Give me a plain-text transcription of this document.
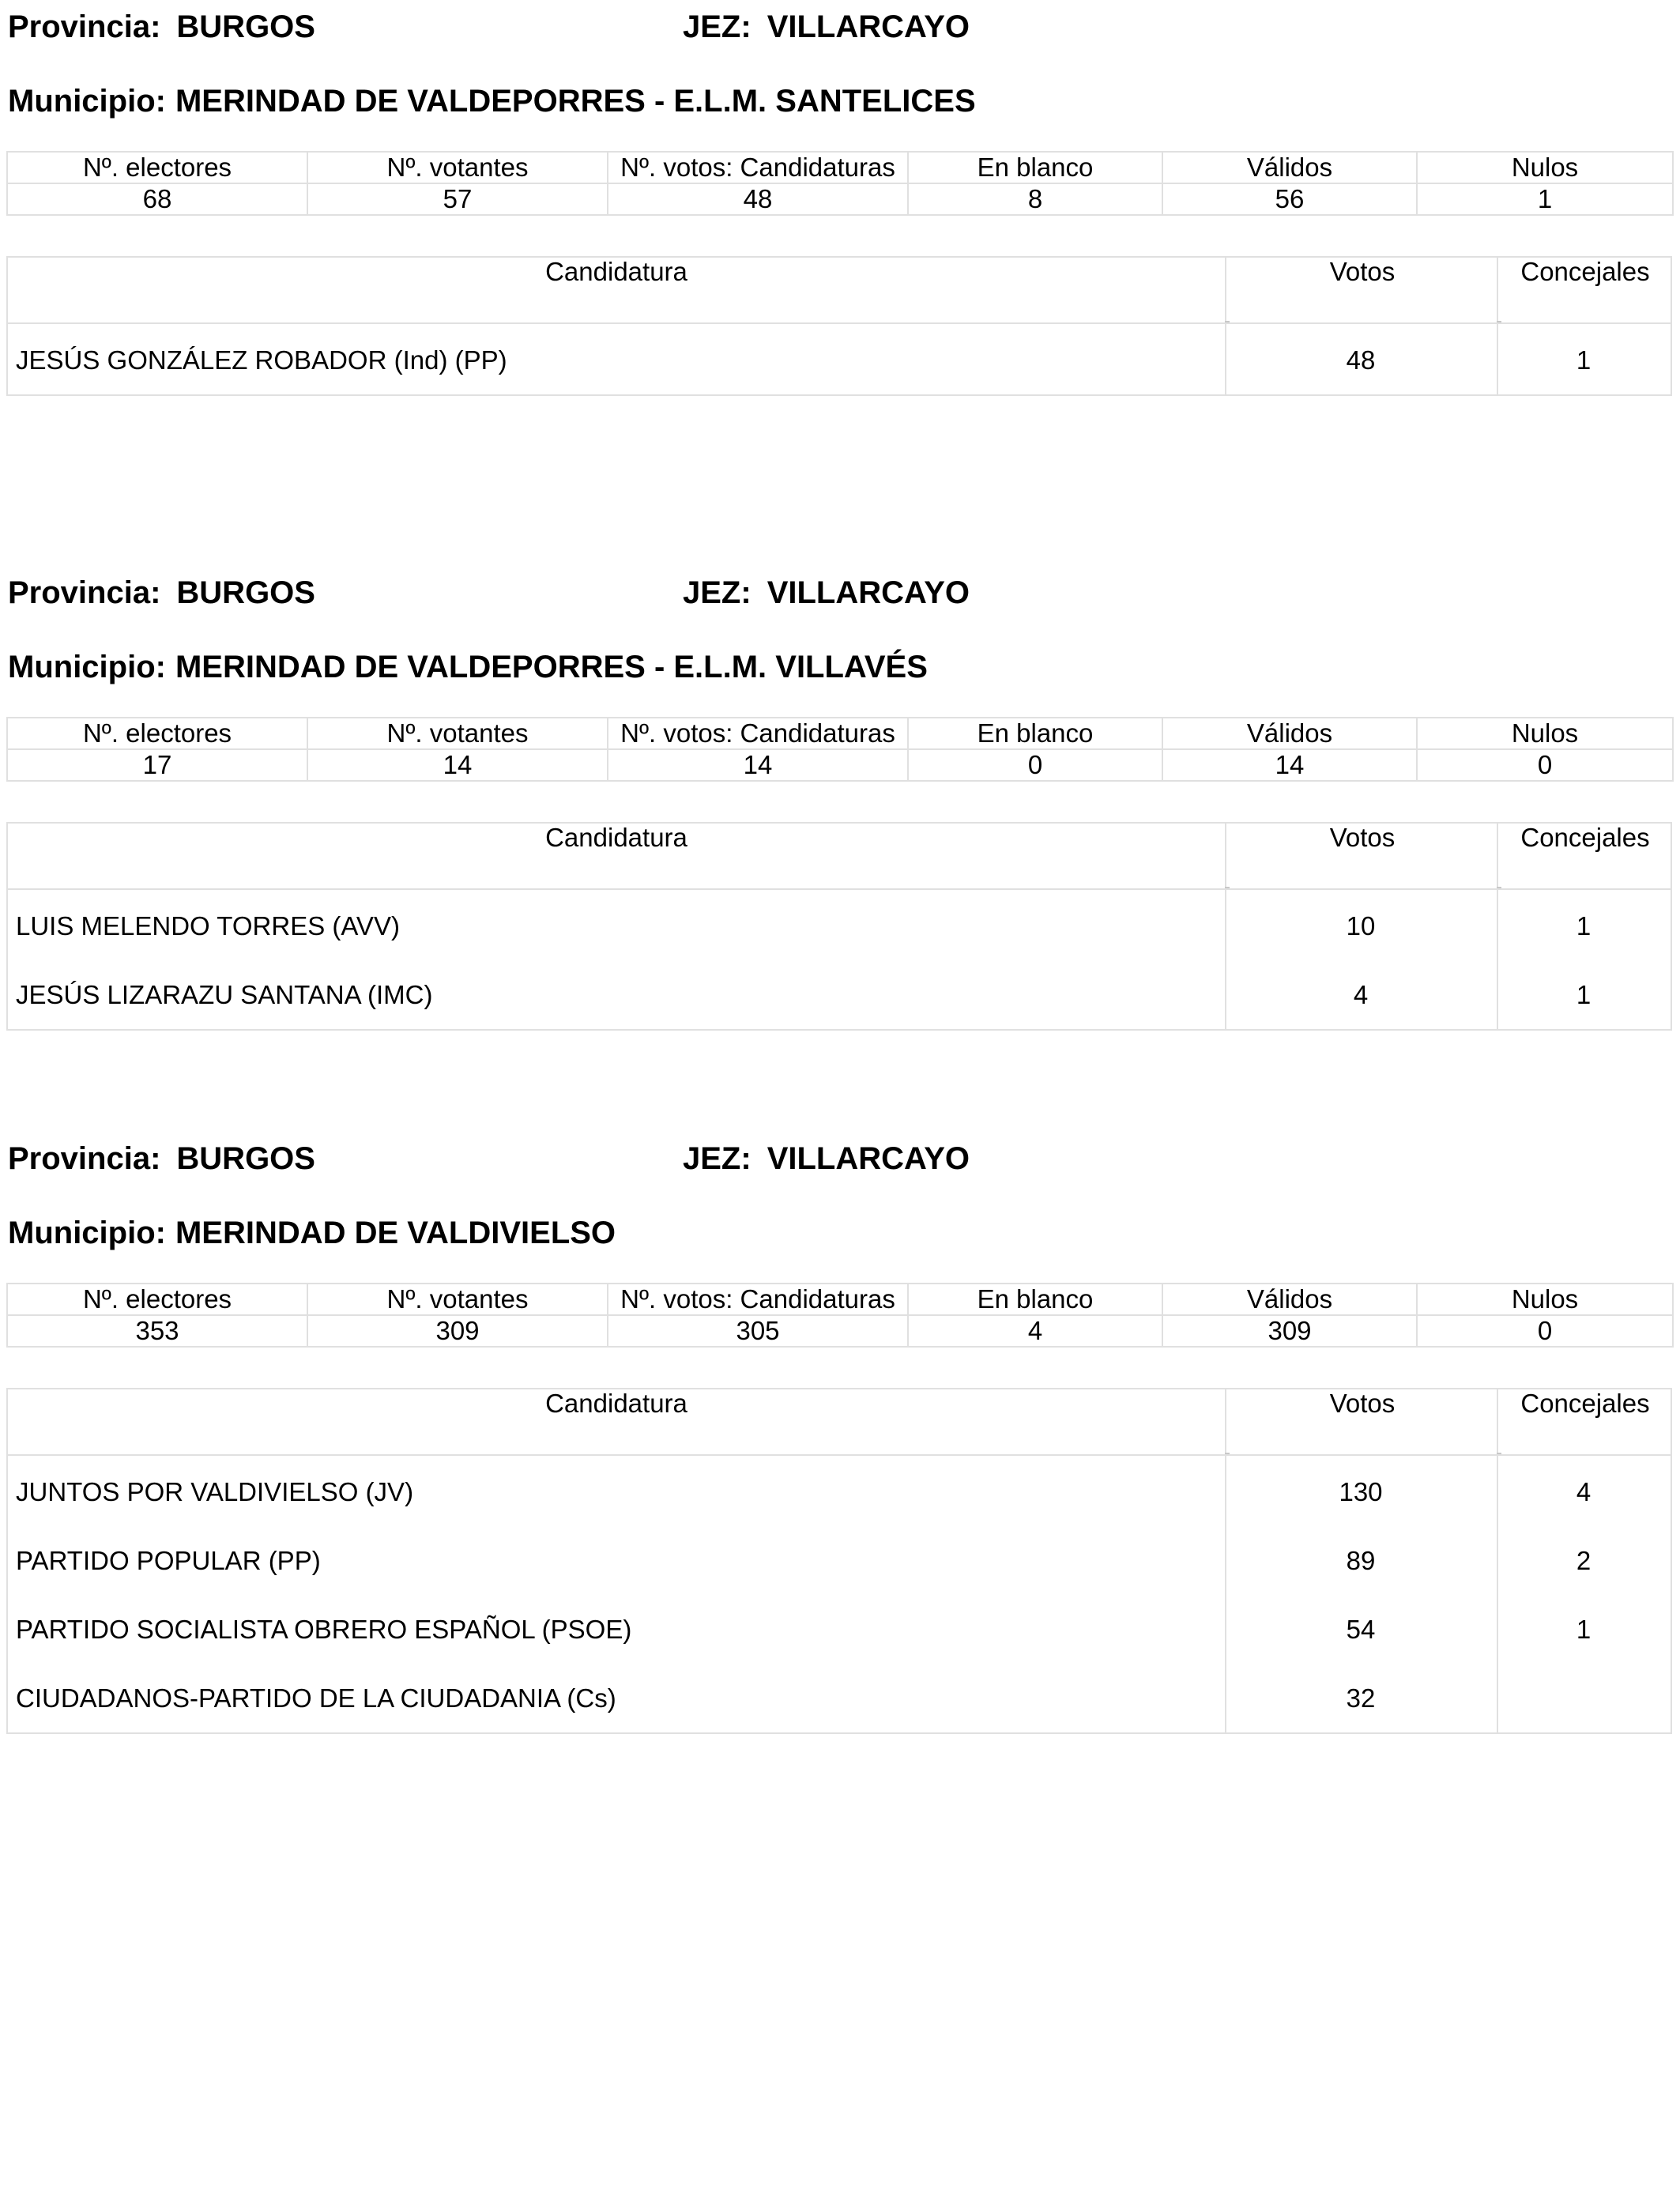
Provincia: BURGOS	JEZ: VILLARCAYO
Municipio: MERINDAD DE VALDEPORRES - E.L.M. SANTELICES
Nº. electores	Nº. votantes	Nº. votos: Candidaturas	En blanco	Válidos	Nulos
68	57	48	8	56	1
Candidatura	Votos	Concejales
JESÚS GONZÁLEZ ROBADOR (Ind) (PP)	48	1
Provincia: BURGOS	JEZ: VILLARCAYO
Municipio: MERINDAD DE VALDEPORRES - E.L.M. VILLAVÉS
Nº. electores	Nº. votantes	Nº. votos: Candidaturas	En blanco	Válidos	Nulos
17	14	14	0	14	0
Candidatura	Votos	Concejales
LUIS MELENDO TORRES (AVV)	10	1
JESÚS LIZARAZU SANTANA (IMC)	4	1
Provincia: BURGOS	JEZ: VILLARCAYO
Municipio: MERINDAD DE VALDIVIELSO
Nº. electores	Nº. votantes	Nº. votos: Candidaturas	En blanco	Válidos	Nulos
353	309	305	4	309	0
Candidatura	Votos	Concejales
JUNTOS POR VALDIVIELSO (JV)	130	4
PARTIDO POPULAR (PP)	89	2
PARTIDO SOCIALISTA OBRERO ESPAÑOL (PSOE)	54	1
CIUDADANOS-PARTIDO DE LA CIUDADANIA (Cs)	32
